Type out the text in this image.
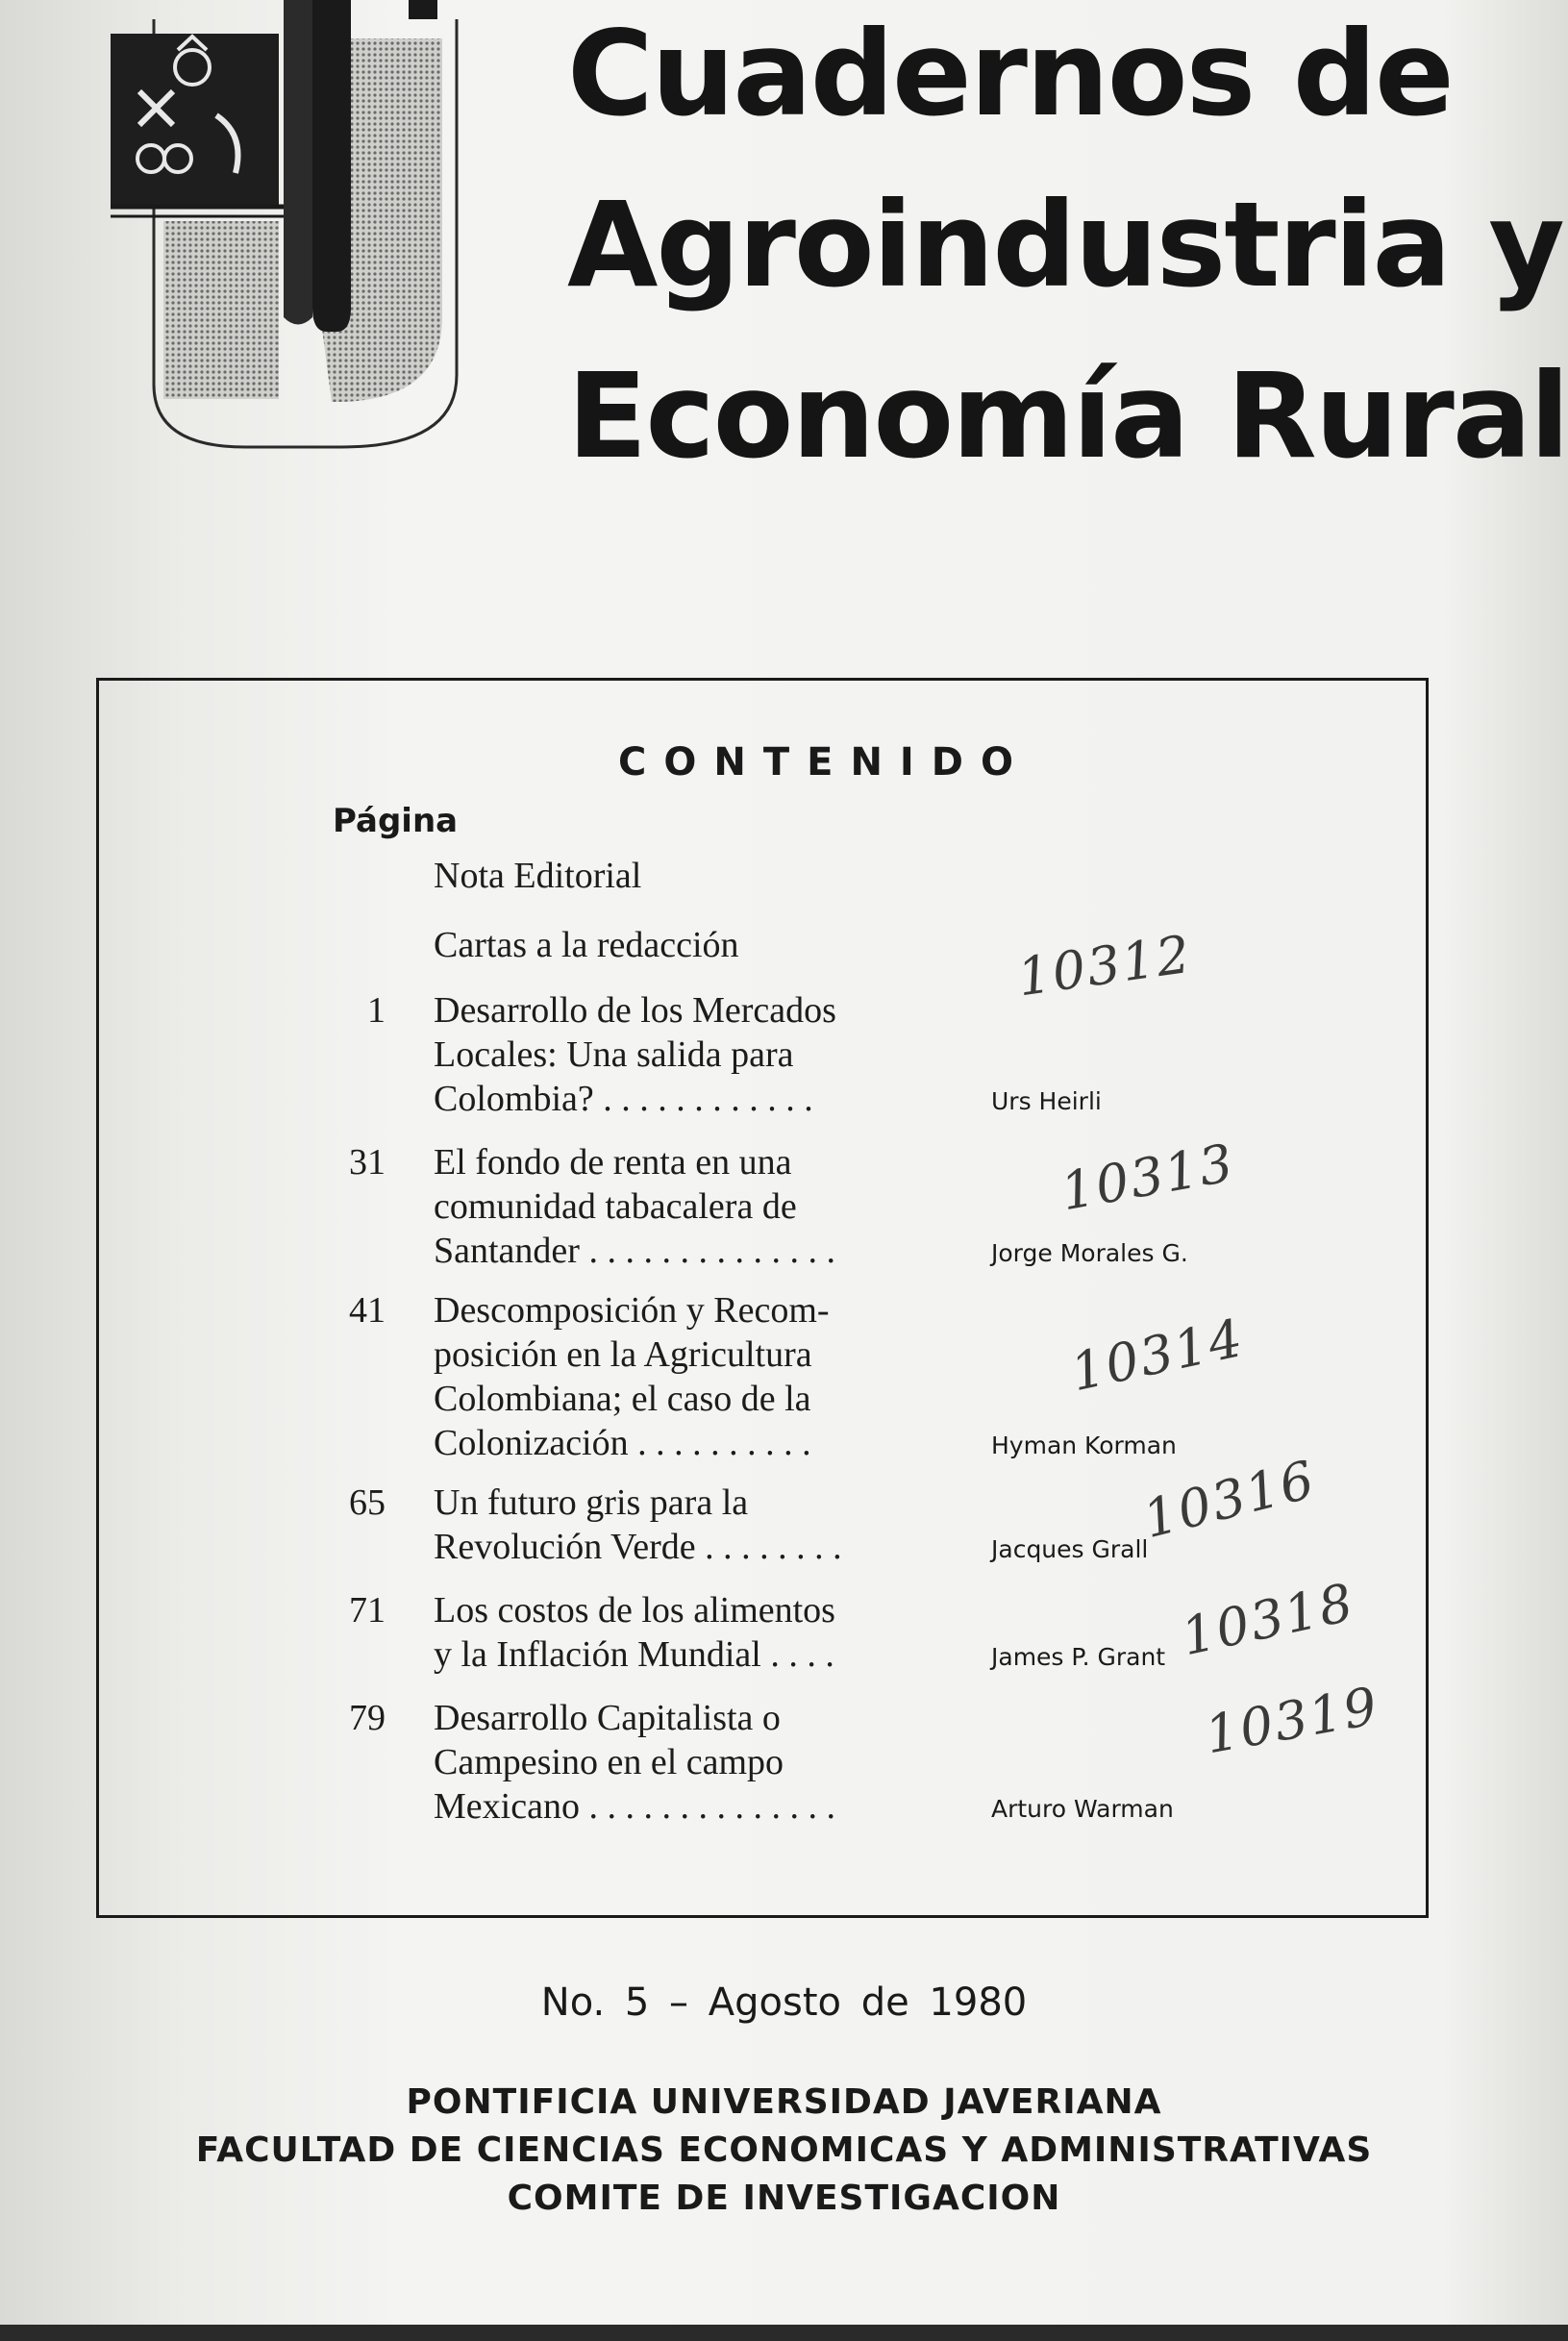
Cuadernos de
Agroindustria y
Economía Rural
CONTENIDO
Página
Nota Editorial
Cartas a la redacción
1 Desarrollo de los Mercados
Locales: Una salida para
Colombia? . . . . . . . . . . . .	Urs Heirli
31 El fondo de renta en una
comunidad tabacalera de
Santander . . . . . . . . . . . . . .	Jorge Morales G.
41 Descomposición y Recom-
posición en la Agricultura
Colombiana; el caso de la
Colonización . . . . . . . . . .	Hyman Korman
65 Un futuro gris para la
Revolución Verde . . . . . . . .	Jacques Grall
71 Los costos de los alimentos
y la Inflación Mundial . . . .	James P. Grant
79 Desarrollo Capitalista o
Campesino en el campo
Mexicano . . . . . . . . . . . . . .	Arturo Warman
10312
10313
10314
10316
10318
10319
No. 5 – Agosto de 1980
PONTIFICIA UNIVERSIDAD JAVERIANA
FACULTAD DE CIENCIAS ECONOMICAS Y ADMINISTRATIVAS
COMITE DE INVESTIGACION
